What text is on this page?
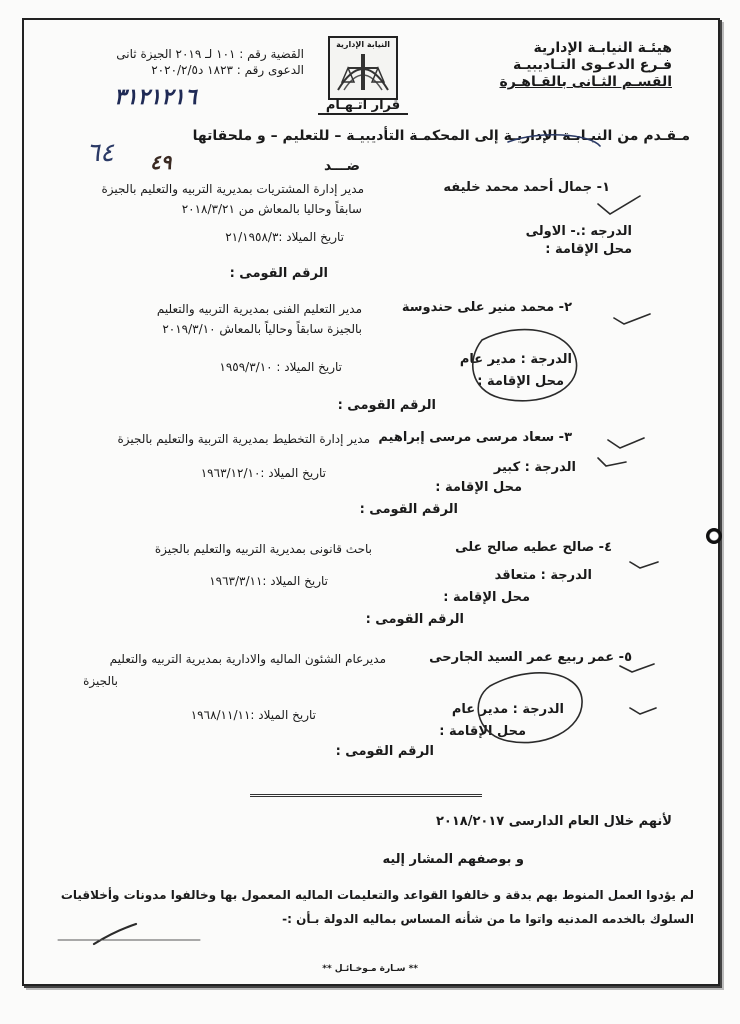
هيئـة النيابـة الإدارية
فـرع الدعـوى التـاديبيـة
القسـم الثـانى بالقـاهـرة
القضية رقم : ١٠١ لـ ٢٠١٩ الجيزة ثانى
الدعوى رقم : ١٨٢٣ د٢٠٢٠/٢/٥
٣١٢١٢١٦
النيابة الإدارية
قرار اتـهـام
مـقـدم من النيـابـة الإداريـة إلى المحكمـة التأديبيـة – للتعليم – و ملحقاتها
٦٤ ٤٩	ضـــد
١- جمال أحمد محمد خليفه
مدير إدارة المشتريات بمديرية التربيه والتعليم بالجيزة
سابقاً وحاليا بالمعاش من ٢٠١٨/٣/٢١
الدرجه :.- الاولى
تاريخ الميلاد :٢١/١٩٥٨/٣
محل الإقامة :
الرقم القومى :
٢- محمد منير على حندوسة
مدير التعليم الفنى بمديرية التربيه والتعليم
بالجيزة سابقاً وحالياً بالمعاش ٢٠١٩/٣/١٠
الدرجة : مدير عام
تاريخ الميلاد : ١٩٥٩/٣/١٠
محل الإقامة :
الرقم القومى :
٣- سعاد مرسى مرسى إبراهيم
مدير إدارة التخطيط بمديرية التربية والتعليم بالجيزة
الدرجة : كبير
تاريخ الميلاد :١٩٦٣/١٢/١٠
محل الإقامة :
الرقم القومى :
٤- صالح عطيه صالح على
باحث قانونى بمديرية التربيه والتعليم بالجيزة
الدرجة : متعاقد
تاريخ الميلاد :١٩٦٣/٣/١١
محل الإقامة :
الرقم القومى :
٥- عمر ربيع عمر السيد الجارحى
مديرعام الشئون الماليه والادارية بمديرية التربيه والتعليم
بالجيزة
الدرجة : مدير عام
تاريخ الميلاد :١٩٦٨/١١/١١
محل الإقامة :
الرقم القومى :
لأنهم خلال العام الدارسى ٢٠١٨/٢٠١٧
و بوصفهم المشار إليه
لم يؤدوا العمل المنوط بهم بدقة و خالفوا القواعد والتعليمات الماليه المعمول بها وخالفوا مدونات وأخلاقيات
السلوك بالخدمه المدنيه واتوا ما من شأنه المساس بماليه الدولة بـأن :-
** سـارة مـوخـائـل **
